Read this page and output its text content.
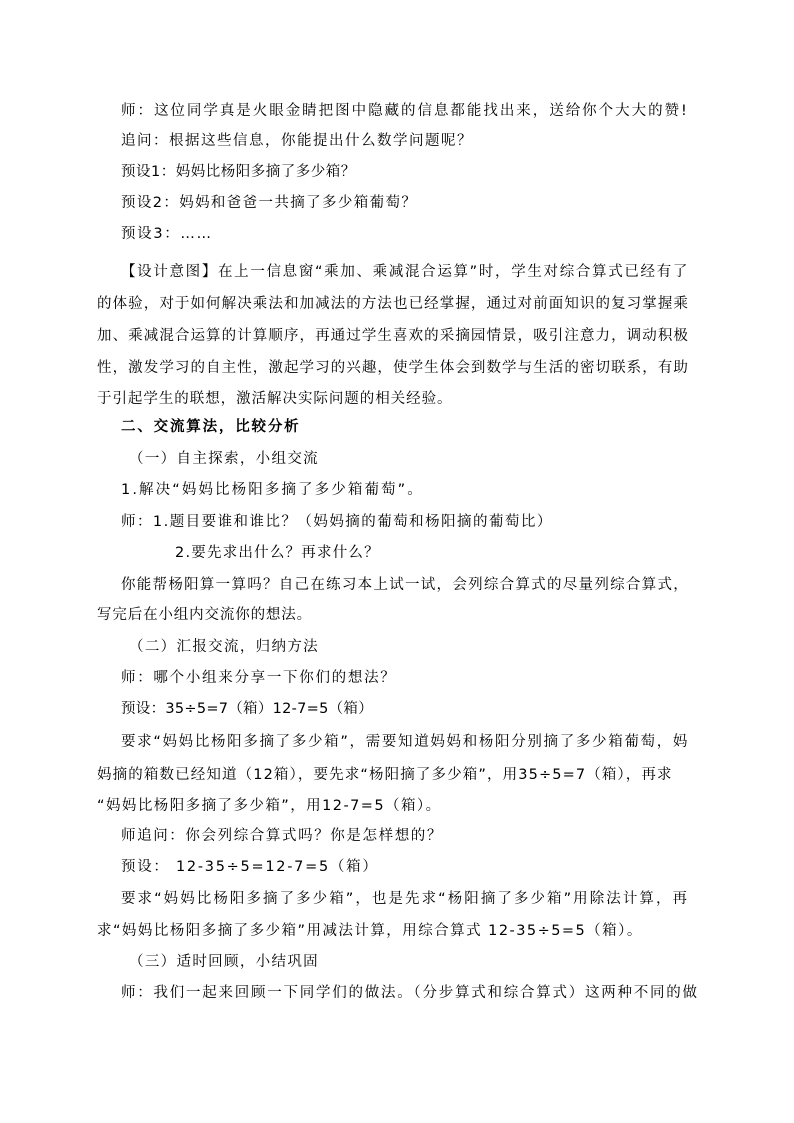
师：这位同学真是火眼金睛把图中隐藏的信息都能找出来，送给你个大大的赞!
追问：根据这些信息，你能提出什么数学问题呢？
预设1：妈妈比杨阳多摘了多少箱？
预设2：妈妈和爸爸一共摘了多少箱葡萄？
预设3：……
【设计意图】在上一信息窗“乘加、乘减混合运算”时，学生对综合算式已经有了
的体验，对于如何解决乘法和加减法的方法也已经掌握，通过对前面知识的复习掌握乘
加、乘减混合运算的计算顺序，再通过学生喜欢的采摘园情景，吸引注意力，调动积极
性，激发学习的自主性，激起学习的兴趣，使学生体会到数学与生活的密切联系，有助
于引起学生的联想，激活解决实际问题的相关经验。
二、交流算法，比较分析
（一）自主探索，小组交流
1.解决“妈妈比杨阳多摘了多少箱葡萄”。
师：1.题目要谁和谁比？（妈妈摘的葡萄和杨阳摘的葡萄比）
2.要先求出什么？再求什么？
你能帮杨阳算一算吗？自己在练习本上试一试，会列综合算式的尽量列综合算式，
写完后在小组内交流你的想法。
（二）汇报交流，归纳方法
师：哪个小组来分享一下你们的想法？
预设：35÷5=7（箱）12-7=5（箱）
要求“妈妈比杨阳多摘了多少箱”，需要知道妈妈和杨阳分别摘了多少箱葡萄，妈
妈摘的箱数已经知道（12箱），要先求“杨阳摘了多少箱”，用35÷5=7（箱），再求
“妈妈比杨阳多摘了多少箱”，用12-7=5（箱）。
师追问：你会列综合算式吗？你是怎样想的？
预设： 12-35÷5=12-7=5（箱）
要求“妈妈比杨阳多摘了多少箱”，也是先求“杨阳摘了多少箱”用除法计算，再
求“妈妈比杨阳多摘了多少箱”用减法计算，用综合算式 12-35÷5=5（箱）。
（三）适时回顾，小结巩固
师：我们一起来回顾一下同学们的做法。（分步算式和综合算式）这两种不同的做
